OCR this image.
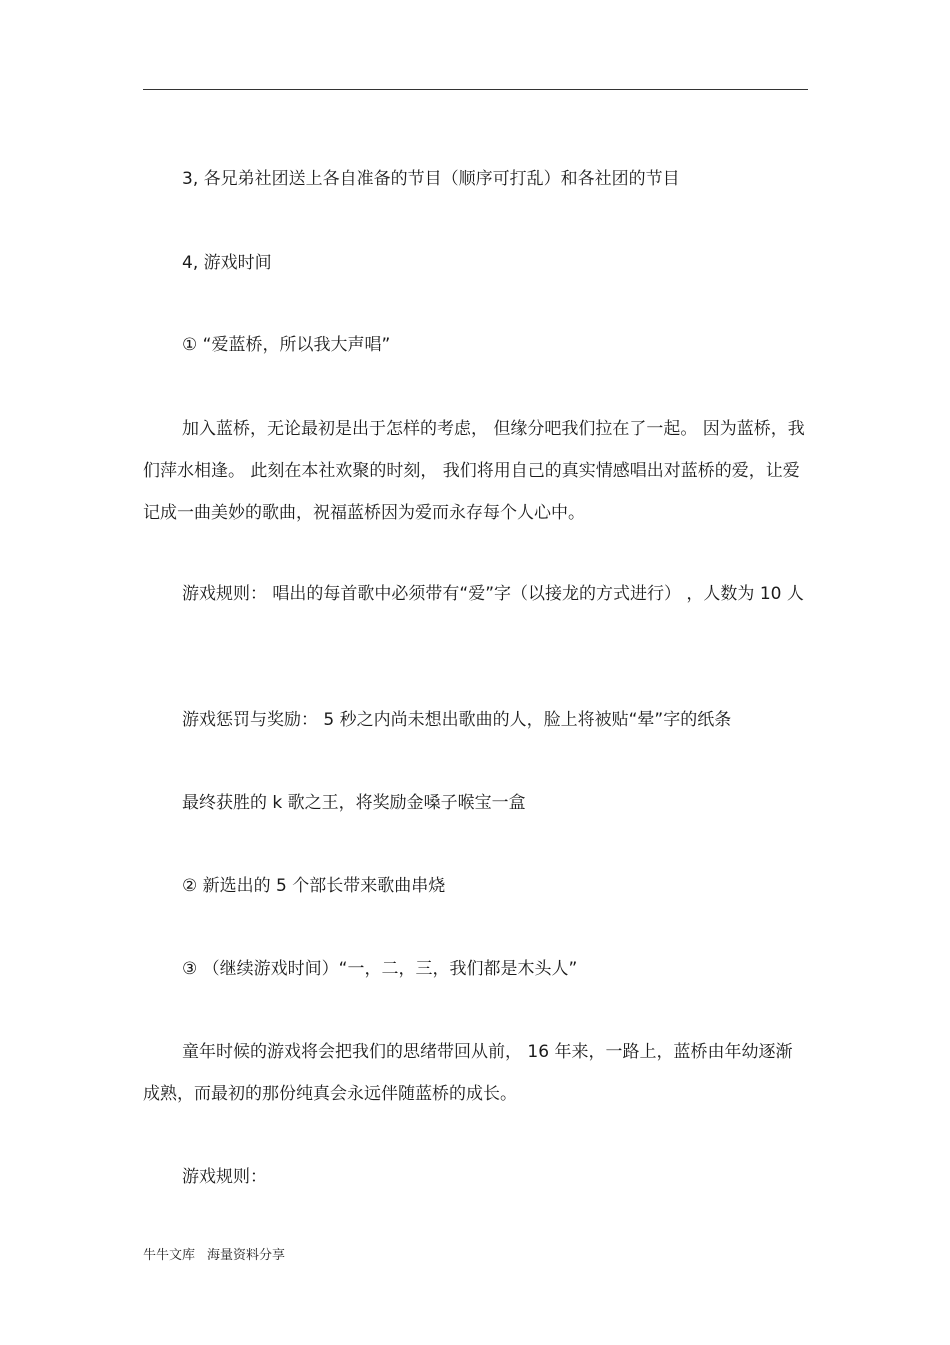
3, 各兄弟社团送上各自准备的节目（顺序可打乱）和各社团的节目

4, 游戏时间

① “爱蓝桥，所以我大声唱”

加入蓝桥，无论最初是出于怎样的考虑， 但缘分吧我们拉在了一起。 因为蓝桥，我们萍水相逢。 此刻在本社欢聚的时刻， 我们将用自己的真实情感唱出对蓝桥的爱，让爱记成一曲美妙的歌曲，祝福蓝桥因为爱而永存每个人心中。

游戏规则： 唱出的每首歌中必须带有“爱”字（以接龙的方式进行） ，人数为 10 人

游戏惩罚与奖励： 5 秒之内尚未想出歌曲的人，脸上将被贴“晕”字的纸条

最终获胜的 k 歌之王，将奖励金嗓子喉宝一盒

② 新选出的 5 个部长带来歌曲串烧

③ （继续游戏时间）“一，二，三，我们都是木头人”

童年时候的游戏将会把我们的思绪带回从前， 16 年来，一路上，蓝桥由年幼逐渐成熟，而最初的那份纯真会永远伴随蓝桥的成长。

游戏规则：

牛牛文库 海量资料分享
